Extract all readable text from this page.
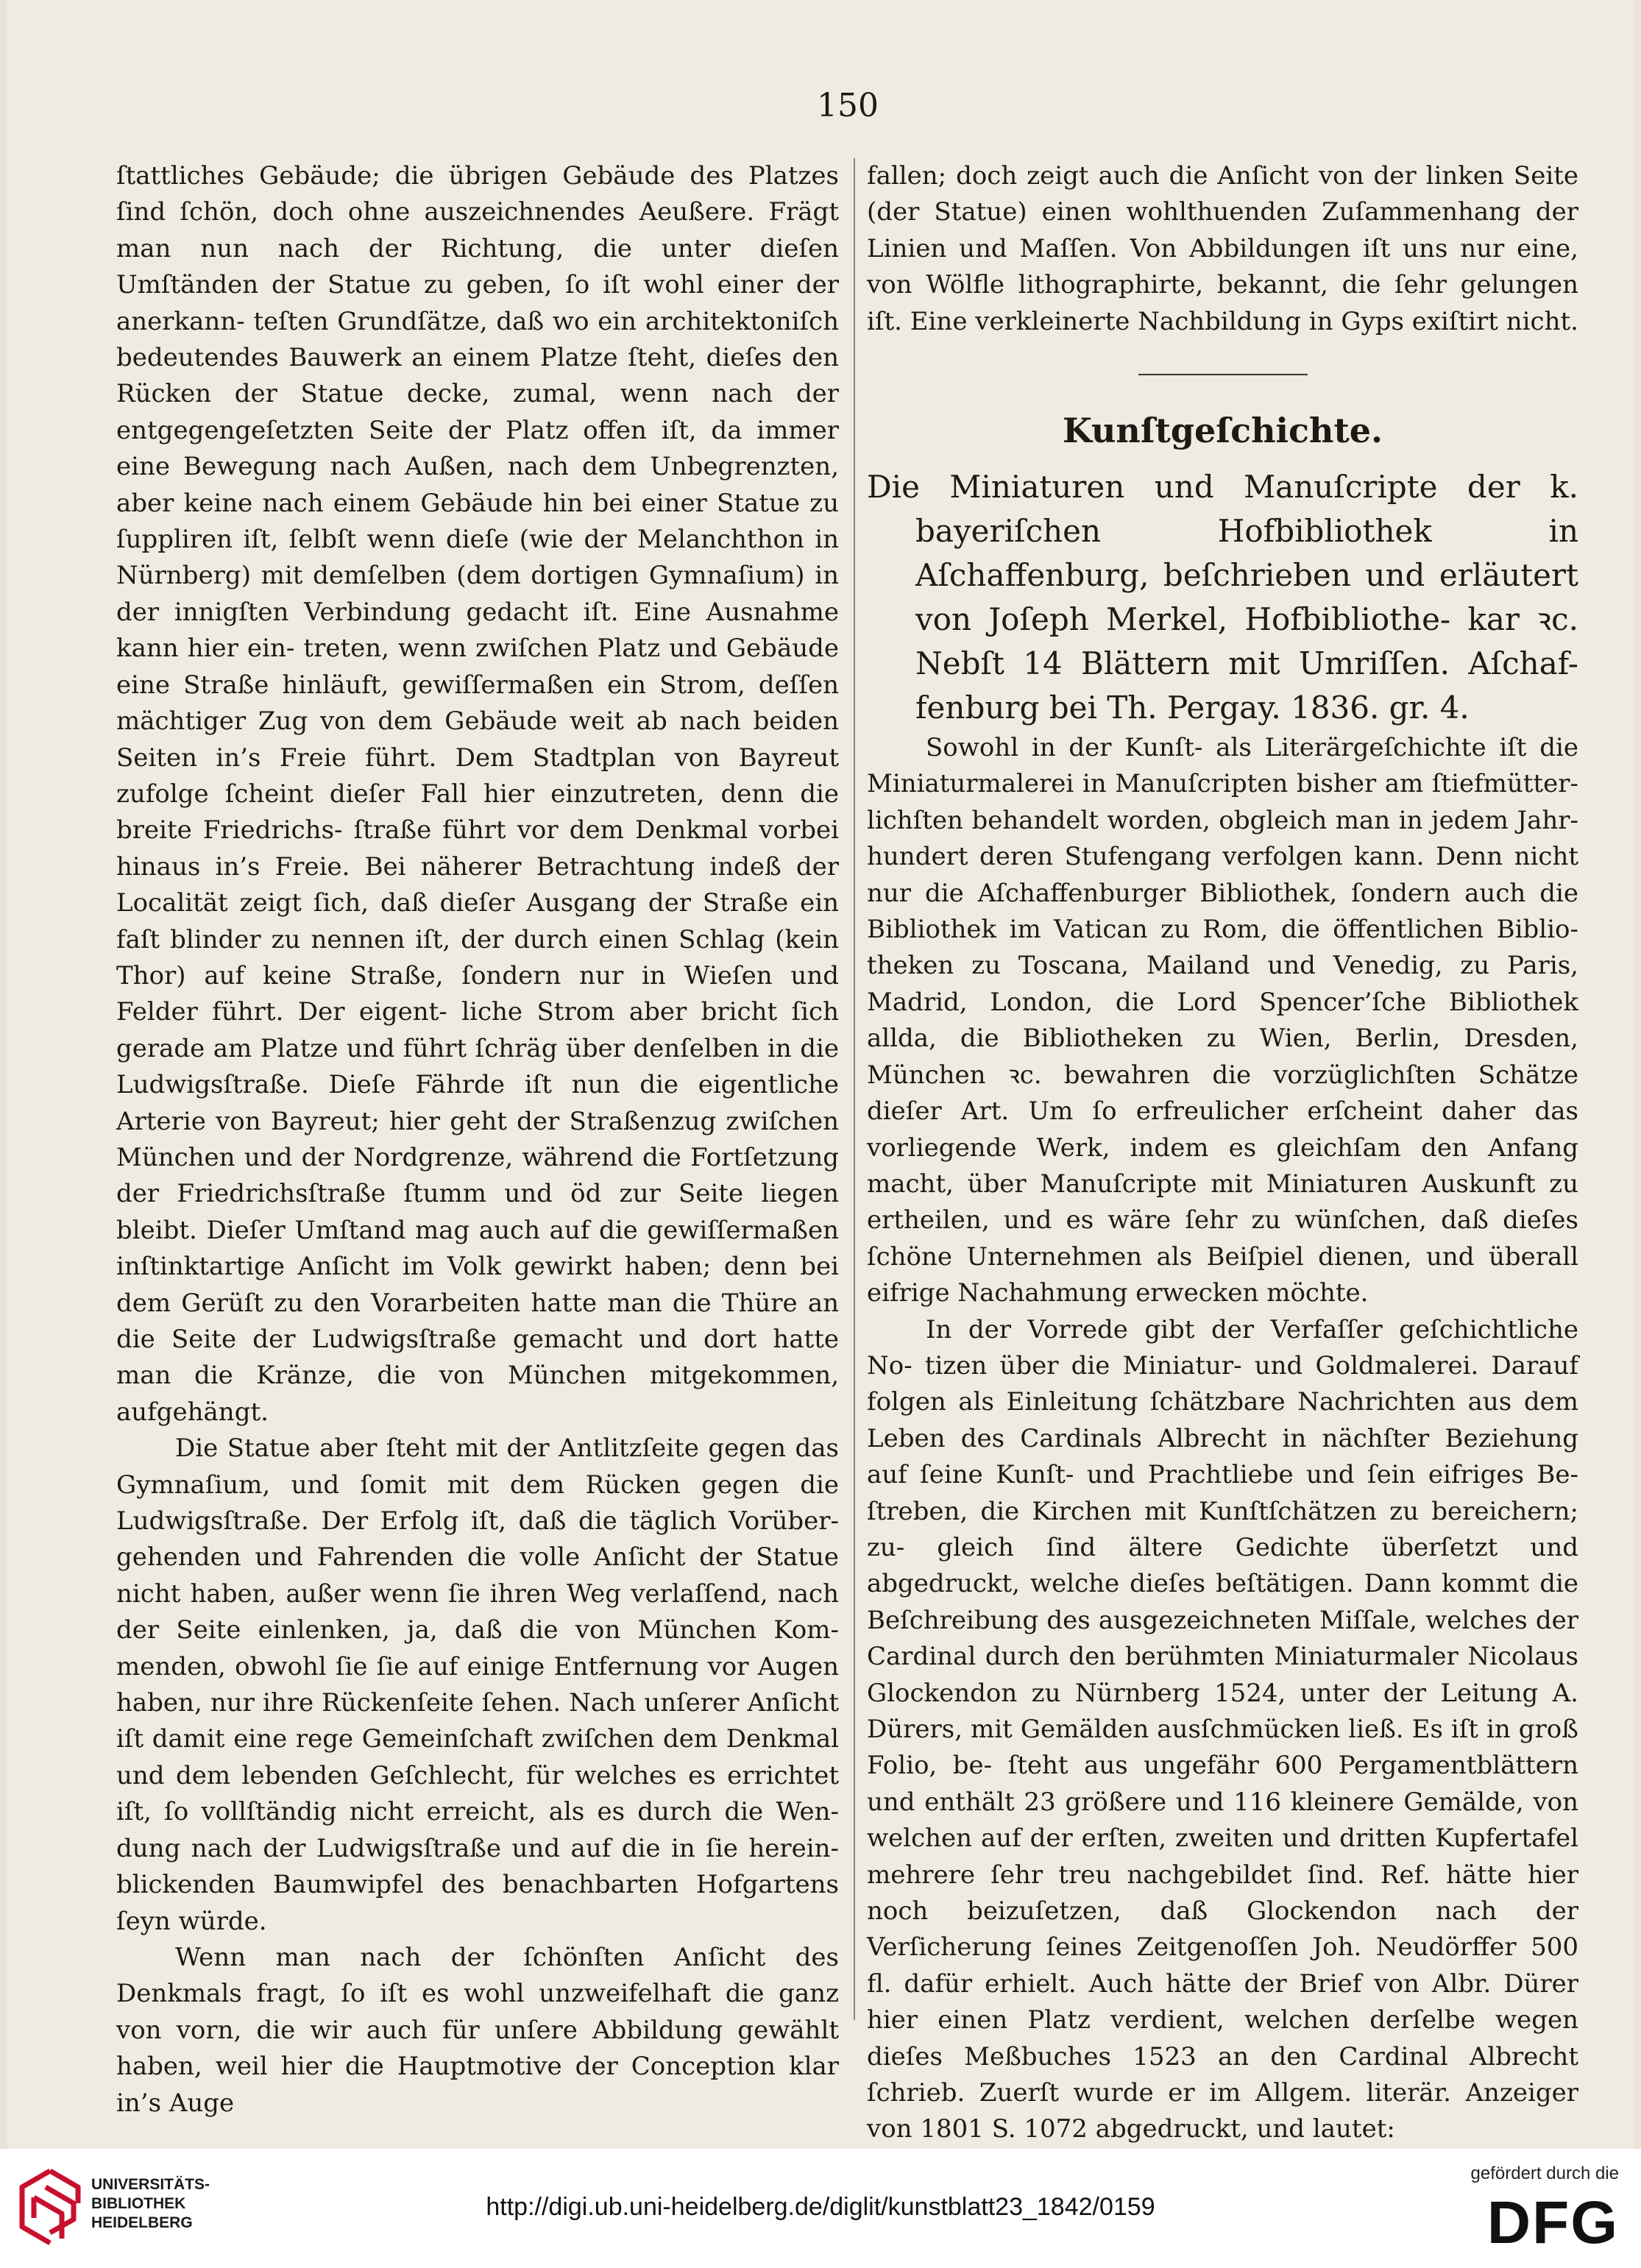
150

ſtattliches Gebäude; die übrigen Gebäude des Platzes ſind ſchön, doch ohne auszeichnendes Aeußere. Frägt man nun nach der Richtung, die unter dieſen Umſtänden der Statue zu geben, ſo iſt wohl einer der anerkann- teſten Grundſätze, daß wo ein architektoniſch bedeutendes Bauwerk an einem Platze ſteht, dieſes den Rücken der Statue decke, zumal, wenn nach der entgegengeſetzten Seite der Platz offen iſt, da immer eine Bewegung nach Außen, nach dem Unbegrenzten, aber keine nach einem Gebäude hin bei einer Statue zu ſuppliren iſt, ſelbſt wenn dieſe (wie der Melanchthon in Nürnberg) mit demſelben (dem dortigen Gymnaſium) in der innigſten Verbindung gedacht iſt. Eine Ausnahme kann hier ein- treten, wenn zwiſchen Platz und Gebäude eine Straße hinläuft, gewiſſermaßen ein Strom, deſſen mächtiger Zug von dem Gebäude weit ab nach beiden Seiten in’s Freie führt. Dem Stadtplan von Bayreut zufolge ſcheint dieſer Fall hier einzutreten, denn die breite Friedrichs- ſtraße führt vor dem Denkmal vorbei hinaus in’s Freie. Bei näherer Betrachtung indeß der Localität zeigt ſich, daß dieſer Ausgang der Straße ein faſt blinder zu nennen iſt, der durch einen Schlag (kein Thor) auf keine Straße, ſondern nur in Wieſen und Felder führt. Der eigent- liche Strom aber bricht ſich gerade am Platze und führt ſchräg über denſelben in die Ludwigsſtraße. Dieſe Fährde iſt nun die eigentliche Arterie von Bayreut; hier geht der Straßenzug zwiſchen München und der Nordgrenze, während die Fortſetzung der Friedrichsſtraße ſtumm und öd zur Seite liegen bleibt. Dieſer Umſtand mag auch auf die gewiſſermaßen inſtinktartige Anſicht im Volk gewirkt haben; denn bei dem Gerüſt zu den Vorarbeiten hatte man die Thüre an die Seite der Ludwigsſtraße gemacht und dort hatte man die Kränze, die von München mitgekommen, aufgehängt.

Die Statue aber ſteht mit der Antlitzſeite gegen das Gymnaſium, und ſomit mit dem Rücken gegen die Ludwigsſtraße. Der Erfolg iſt, daß die täglich Vorüber- gehenden und Fahrenden die volle Anſicht der Statue nicht haben, außer wenn ſie ihren Weg verlaſſend, nach der Seite einlenken, ja, daß die von München Kom- menden, obwohl ſie ſie auf einige Entfernung vor Augen haben, nur ihre Rückenſeite ſehen. Nach unſerer Anſicht iſt damit eine rege Gemeinſchaft zwiſchen dem Denkmal und dem lebenden Geſchlecht, für welches es errichtet iſt, ſo vollſtändig nicht erreicht, als es durch die Wen- dung nach der Ludwigsſtraße und auf die in ſie herein- blickenden Baumwipfel des benachbarten Hofgartens ſeyn würde.

Wenn man nach der ſchönſten Anſicht des Denkmals fragt, ſo iſt es wohl unzweifelhaft die ganz von vorn, die wir auch für unſere Abbildung gewählt haben, weil hier die Hauptmotive der Conception klar in’s Auge

fallen; doch zeigt auch die Anſicht von der linken Seite (der Statue) einen wohlthuenden Zuſammenhang der Linien und Maſſen. Von Abbildungen iſt uns nur eine, von Wölfle lithographirte, bekannt, die ſehr gelungen iſt. Eine verkleinerte Nachbildung in Gyps exiſtirt nicht.

Kunſtgeſchichte.

Die Miniaturen und Manuſcripte der k. bayeriſchen Hofbibliothek in Aſchaffenburg, beſchrieben und erläutert von Joſeph Merkel, Hofbibliothe- kar ꝛc. Nebſt 14 Blättern mit Umriſſen. Aſchaf- fenburg bei Th. Pergay. 1836. gr. 4.

Sowohl in der Kunſt- als Literärgeſchichte iſt die Miniaturmalerei in Manuſcripten bisher am ſtiefmütter- lichſten behandelt worden, obgleich man in jedem Jahr- hundert deren Stufengang verfolgen kann. Denn nicht nur die Aſchaffenburger Bibliothek, ſondern auch die Bibliothek im Vatican zu Rom, die öffentlichen Biblio- theken zu Toscana, Mailand und Venedig, zu Paris, Madrid, London, die Lord Spencer’ſche Bibliothek allda, die Bibliotheken zu Wien, Berlin, Dresden, München ꝛc. bewahren die vorzüglichſten Schätze dieſer Art. Um ſo erfreulicher erſcheint daher das vorliegende Werk, indem es gleichſam den Anfang macht, über Manuſcripte mit Miniaturen Auskunft zu ertheilen, und es wäre ſehr zu wünſchen, daß dieſes ſchöne Unternehmen als Beiſpiel dienen, und überall eifrige Nachahmung erwecken möchte.

In der Vorrede gibt der Verfaſſer geſchichtliche No- tizen über die Miniatur- und Goldmalerei. Darauf folgen als Einleitung ſchätzbare Nachrichten aus dem Leben des Cardinals Albrecht in nächſter Beziehung auf ſeine Kunſt- und Prachtliebe und ſein eifriges Be- ſtreben, die Kirchen mit Kunſtſchätzen zu bereichern; zu- gleich ſind ältere Gedichte überſetzt und abgedruckt, welche dieſes beſtätigen. Dann kommt die Beſchreibung des ausgezeichneten Miſſale, welches der Cardinal durch den berühmten Miniaturmaler Nicolaus Glockendon zu Nürnberg 1524, unter der Leitung A. Dürers, mit Gemälden ausſchmücken ließ. Es iſt in groß Folio, be- ſteht aus ungefähr 600 Pergamentblättern und enthält 23 größere und 116 kleinere Gemälde, von welchen auf der erſten, zweiten und dritten Kupfertafel mehrere ſehr treu nachgebildet ſind. Ref. hätte hier noch beizuſetzen, daß Glockendon nach der Verſicherung ſeines Zeitgenoſſen Joh. Neudörffer 500 fl. dafür erhielt. Auch hätte der Brief von Albr. Dürer hier einen Platz verdient, welchen derſelbe wegen dieſes Meßbuches 1523 an den Cardinal Albrecht ſchrieb. Zuerſt wurde er im Allgem. literär. Anzeiger von 1801 S. 1072 abgedruckt, und lautet:

UNIVERSITÄTS-
BIBLIOTHEK
HEIDELBERG
http://digi.ub.uni-heidelberg.de/diglit/kunstblatt23_1842/0159
gefördert durch die
DFG
